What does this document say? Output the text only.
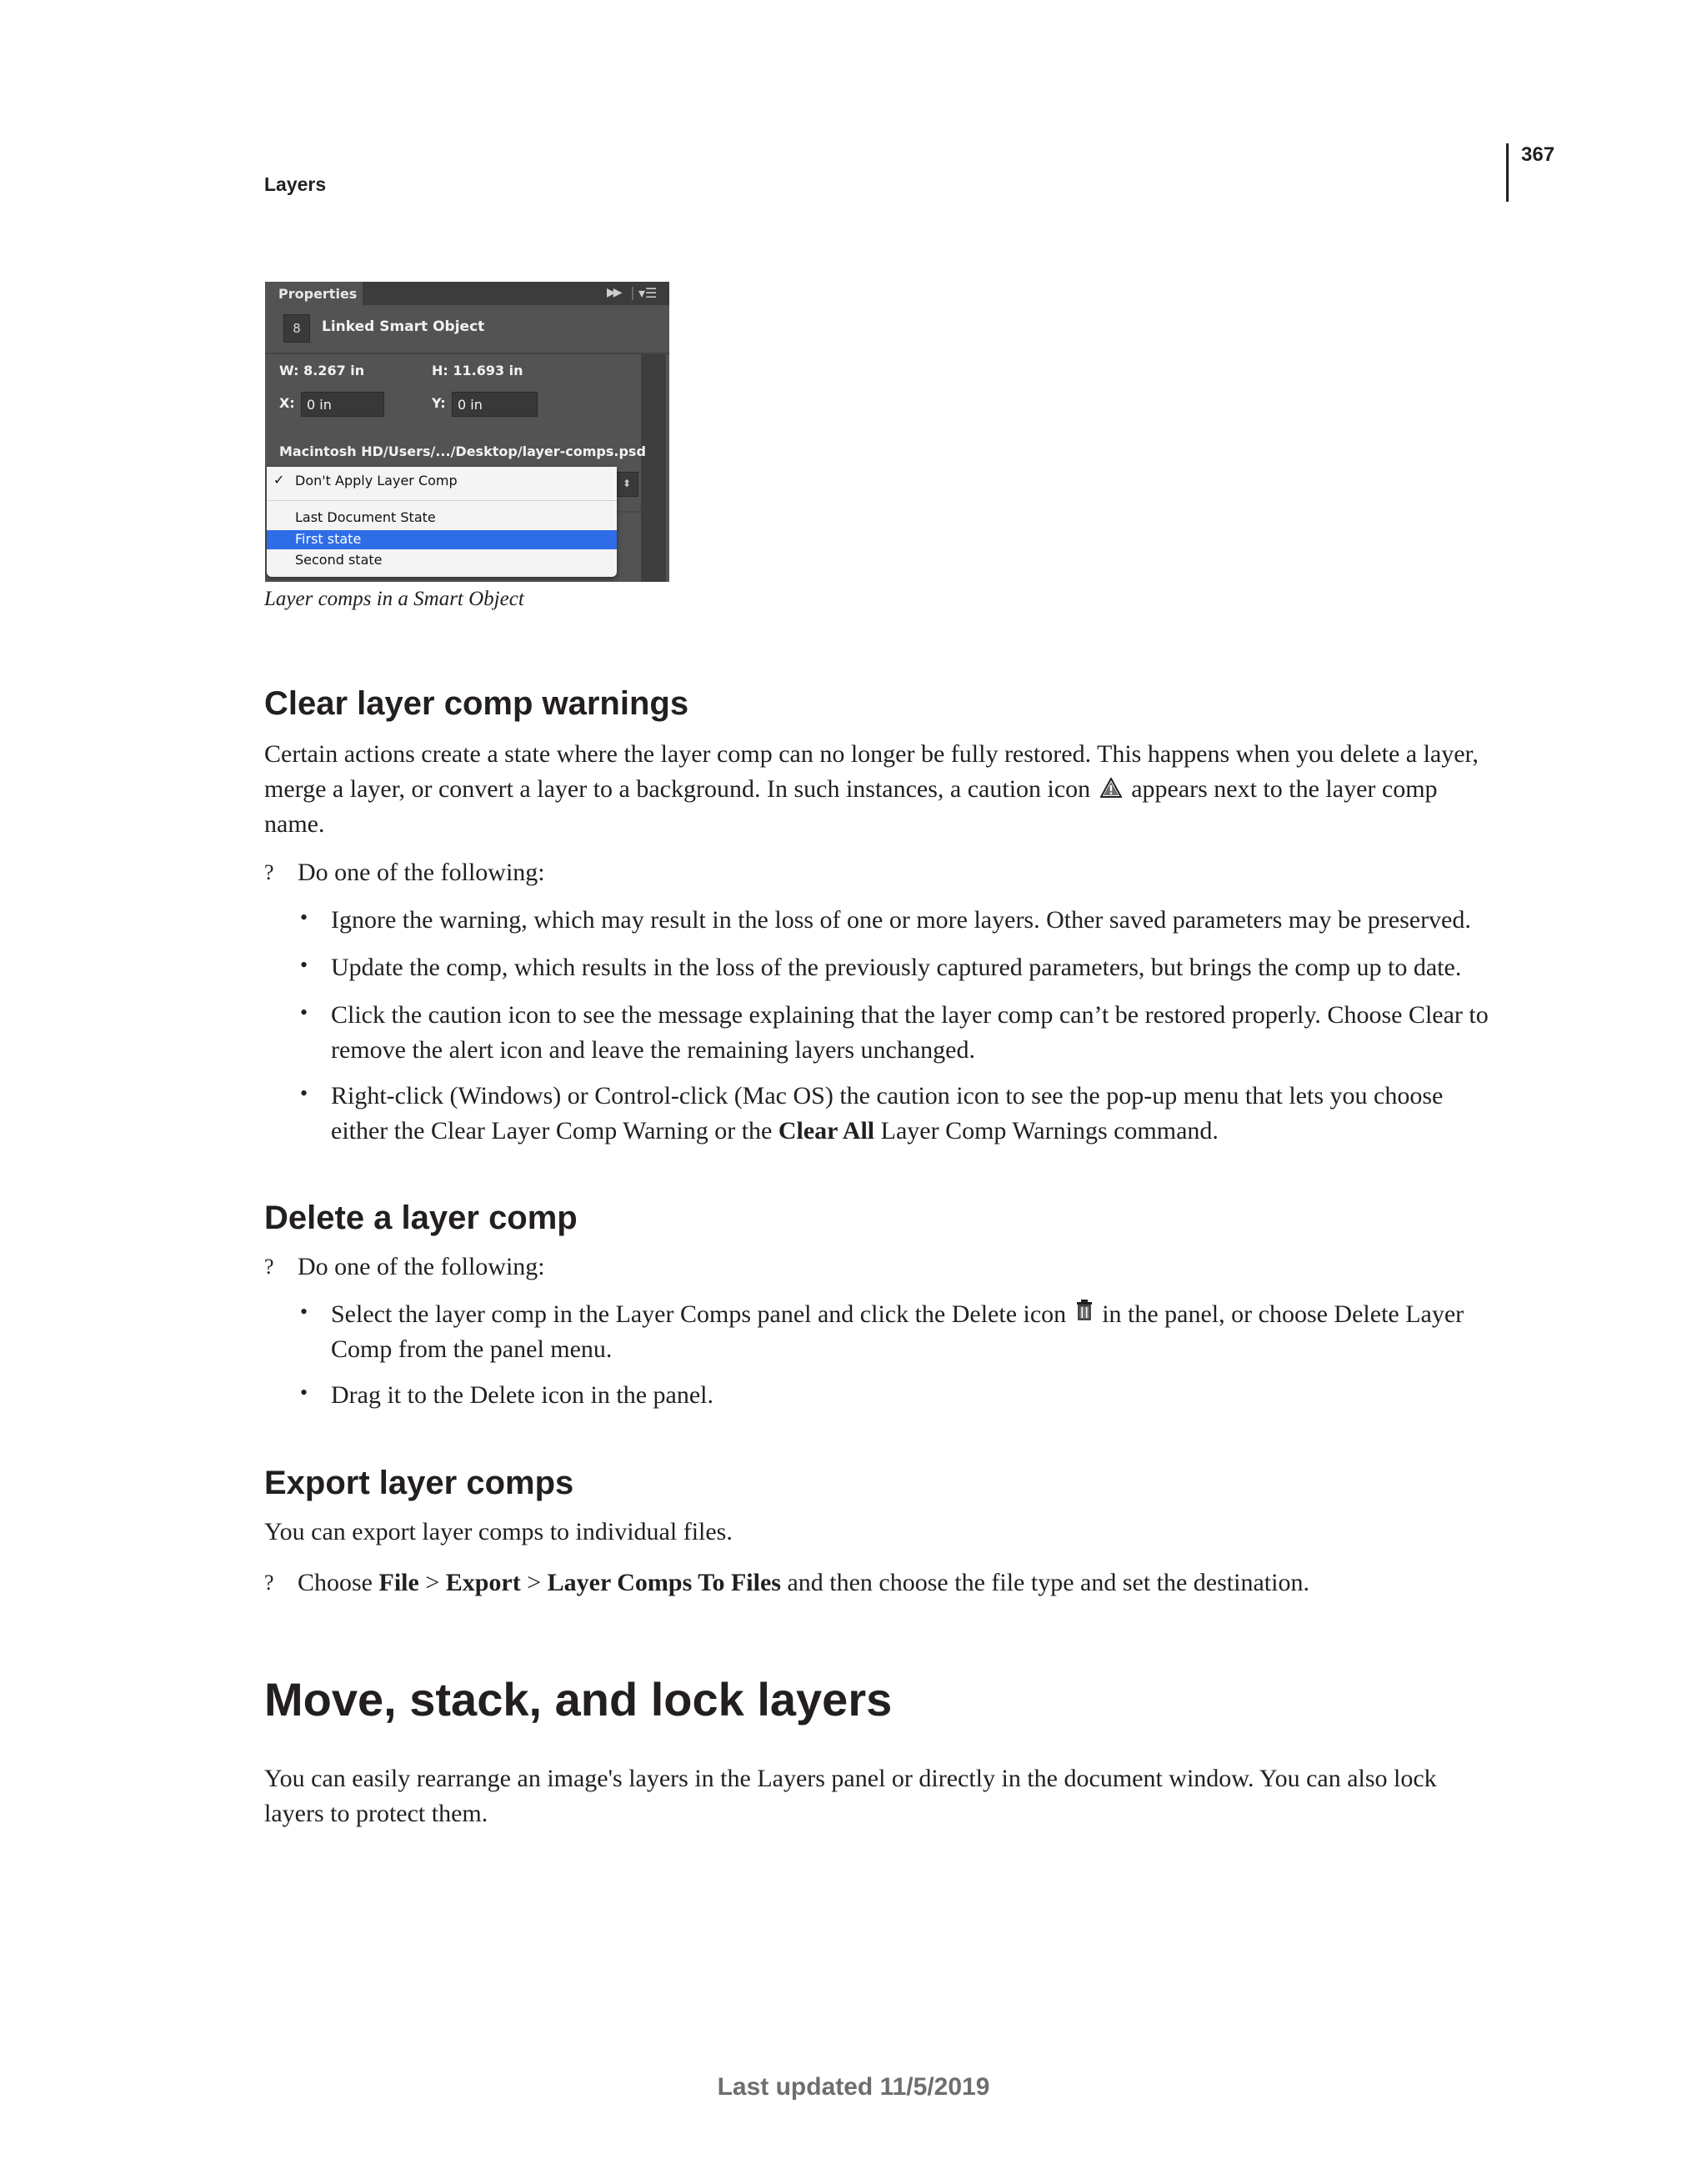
Layers
367
Properties	▶▶ ▾☰
8	Linked Smart Object
W: 8.267 in	H: 11.693 in
X: 0 in	Y: 0 in
Macintosh HD/Users/.../Desktop/layer-comps.psd
⬍
✓ Don't Apply Layer Comp
Last Document State
First state
Second state
Layer comps in a Smart Object
Clear layer comp warnings
Certain actions create a state where the layer comp can no longer be fully restored. This happens when you delete a layer, merge a layer, or convert a layer to a background. In such instances, a caution icon appears next to the layer comp name.
? Do one of the following:
• Ignore the warning, which may result in the loss of one or more layers. Other saved parameters may be preserved.
• Update the comp, which results in the loss of the previously captured parameters, but brings the comp up to date.
• Click the caution icon to see the message explaining that the layer comp can’t be restored properly. Choose Clear to remove the alert icon and leave the remaining layers unchanged.
• Right-click (Windows) or Control-click (Mac OS) the caution icon to see the pop-up menu that lets you choose either the Clear Layer Comp Warning or the Clear All Layer Comp Warnings command.
Delete a layer comp
? Do one of the following:
• Select the layer comp in the Layer Comps panel and click the Delete icon in the panel, or choose Delete Layer Comp from the panel menu.
• Drag it to the Delete icon in the panel.
Export layer comps
You can export layer comps to individual files.
? Choose File > Export > Layer Comps To Files and then choose the file type and set the destination.
Move, stack, and lock layers
You can easily rearrange an image's layers in the Layers panel or directly in the document window. You can also lock layers to protect them.
Last updated 11/5/2019
